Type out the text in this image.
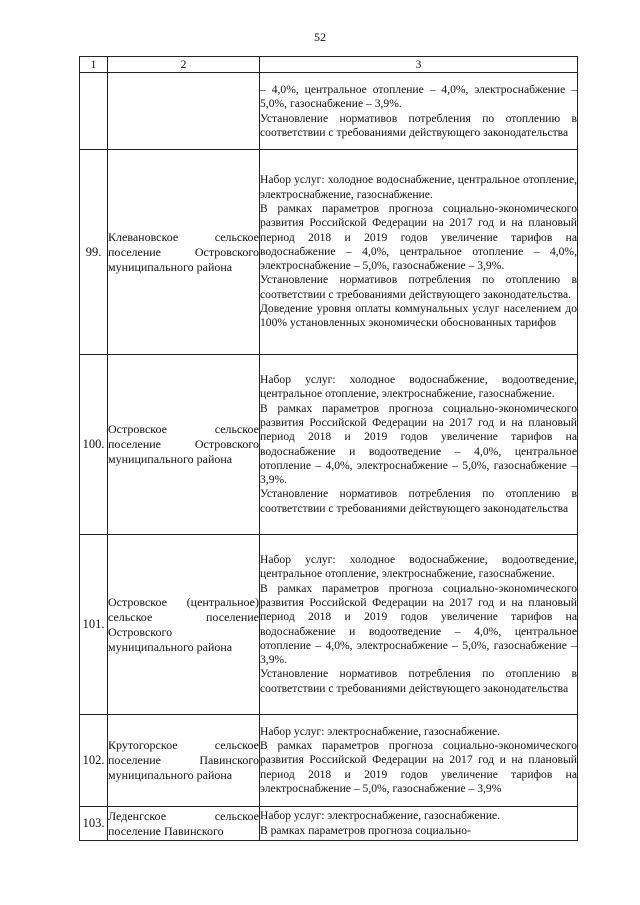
52
1	2	3

		– 4,0%, центральное отопление – 4,0%, электроснабжение – 5,0%, газоснабжение – 3,9%.

Установление нормативов потребления по отоплению в соответствии с требованиями действующего законодательства

99.	Клевановское сельское поселение Островского муниципального района	Набор услуг: холодное водоснабжение, центральное отопление, электроснабжение, газоснабжение.

В рамках параметров прогноза социально-экономического развития Российской Федерации на 2017 год и на плановый период 2018 и 2019 годов увеличение тарифов на водоснабжение – 4,0%, центральное отопление – 4,0%, электроснабжение – 5,0%, газоснабжение – 3,9%.

Установление нормативов потребления по отоплению в соответствии с требованиями действующего законодательства.

Доведение уровня оплаты коммунальных услуг населением до 100% установленных экономически обоснованных тарифов

100.	Островское сельское поселение Островского муниципального района	Набор услуг: холодное водоснабжение, водоотведение, центральное отопление, электроснабжение, газоснабжение.

В рамках параметров прогноза социально-экономического развития Российской Федерации на 2017 год и на плановый период 2018 и 2019 годов увеличение тарифов на водоснабжение и водоотведение – 4,0%, центральное отопление – 4,0%, электроснабжение – 5,0%, газоснабжение – 3,9%.

Установление нормативов потребления по отоплению в соответствии с требованиями действующего законодательства

101.	Островское (центральное) сельское поселение Островского муниципального района	Набор услуг: холодное водоснабжение, водоотведение, центральное отопление, электроснабжение, газоснабжение.

В рамках параметров прогноза социально-экономического развития Российской Федерации на 2017 год и на плановый период 2018 и 2019 годов увеличение тарифов на водоснабжение и водоотведение – 4,0%, центральное отопление – 4,0%, электроснабжение – 5,0%, газоснабжение – 3,9%.

Установление нормативов потребления по отоплению в соответствии с требованиями действующего законодательства

102.	Крутогорское сельское поселение Павинского муниципального района	Набор услуг: электроснабжение, газоснабжение.

В рамках параметров прогноза социально-экономического развития Российской Федерации на 2017 год и на плановый период 2018 и 2019 годов увеличение тарифов на электроснабжение – 5,0%, газоснабжение – 3,9%

103.	Леденгское сельское поселение Павинского	Набор услуг: электроснабжение, газоснабжение.

В рамках параметров прогноза социально-
